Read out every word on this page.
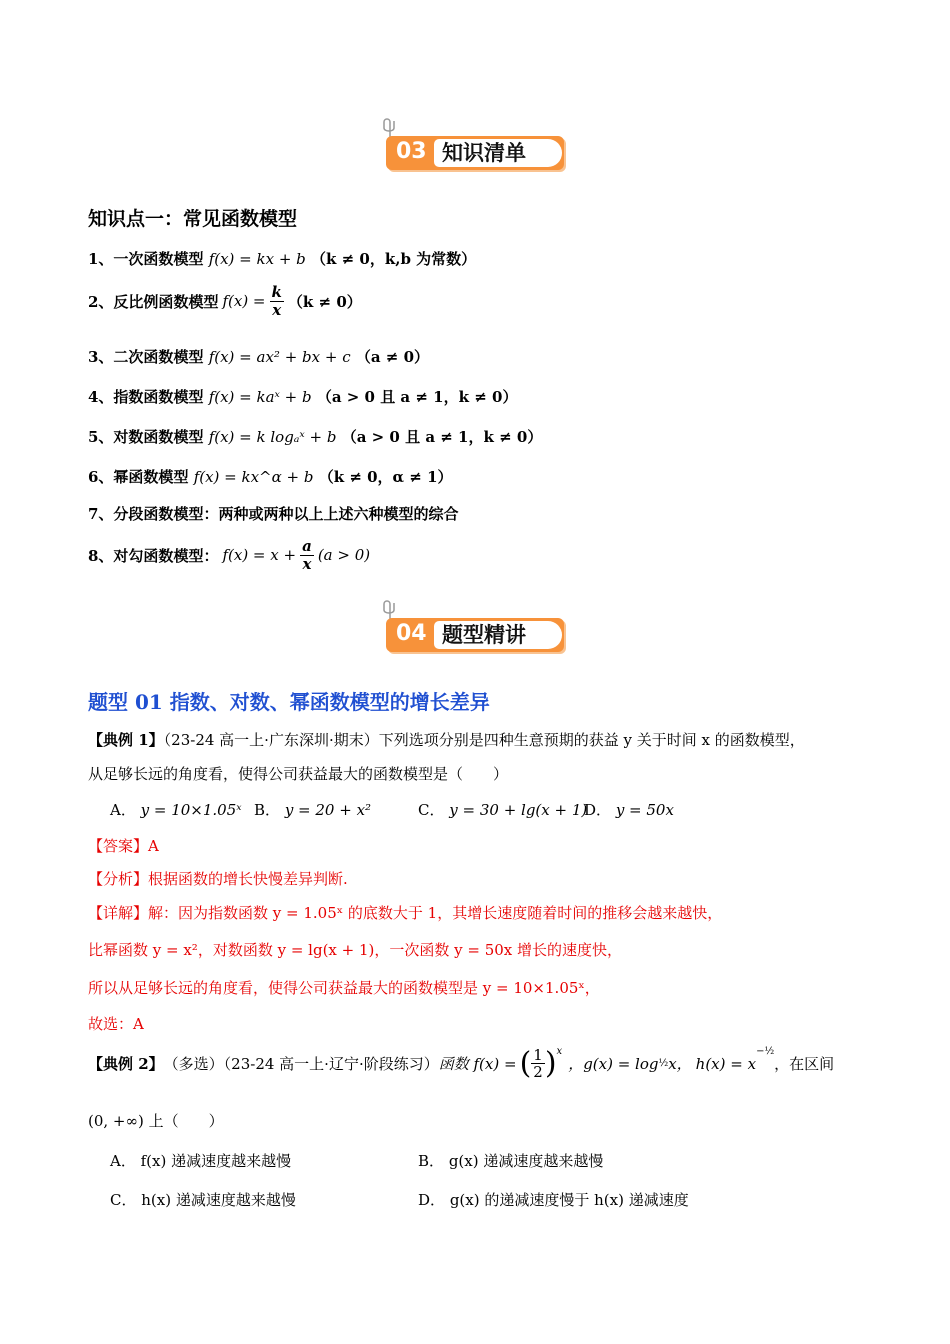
03 知识清单
知识点一：常见函数模型
1、一次函数模型 f(x) = kx + b （k ≠ 0，k,b 为常数）
2、反比例函数模型 $f(x) = \frac{k}{x} (k \ne 0)$
3、二次函数模型 f(x) = ax² + bx + c （a ≠ 0）
4、指数函数模型 f(x) = kaˣ + b （a > 0 且 a ≠ 1，k ≠ 0）
5、对数函数模型 f(x) = k logₐˣ + b （a > 0 且 a ≠ 1，k ≠ 0）
6、幂函数模型 f(x) = kx^α + b （k ≠ 0，α ≠ 1）
7、分段函数模型：两种或两种以上上述六种模型的综合
8、对勾函数模型： $f(x) = x + \frac{a}{x} (a > 0)$
04 题型精讲
题型 01 指数、对数、幂函数模型的增长差异
【典例 1】（23-24 高一上·广东深圳·期末）下列选项分别是四种生意预期的获益 y 关于时间 x 的函数模型，
从足够长远的角度看，使得公司获益最大的函数模型是（　　）
A． y = 10×1.05ˣ B． y = 20 + x²	C． y = 30 + lg(x + 1)
D． y = 50x
【答案】A
【分析】根据函数的增长快慢差异判断.
【详解】解：因为指数函数 y = 1.05ˣ 的底数大于 1，其增长速度随着时间的推移会越来越快，
比幂函数 y = x²，对数函数 y = lg(x + 1)，一次函数 y = 50x 增长的速度快，
所以从足够长远的角度看，使得公司获益最大的函数模型是 y = 10×1.05ˣ，
故选：A
【典例 2】 （多选）（23-24 高一上·辽宁·阶段练习） 函数 f(x) = ( $\frac{1}{2} )^x$
，g(x) = log ½ x， h(x) = x
$^{-\frac{1}{2}}$
，在区间
(0, +∞) 上（　　）
A． f(x) 递减速度越来越慢	B． g(x) 递减速度越来越慢
C． h(x) 递减速度越来越慢	D． g(x) 的递减速度慢于 h(x) 递减速度
